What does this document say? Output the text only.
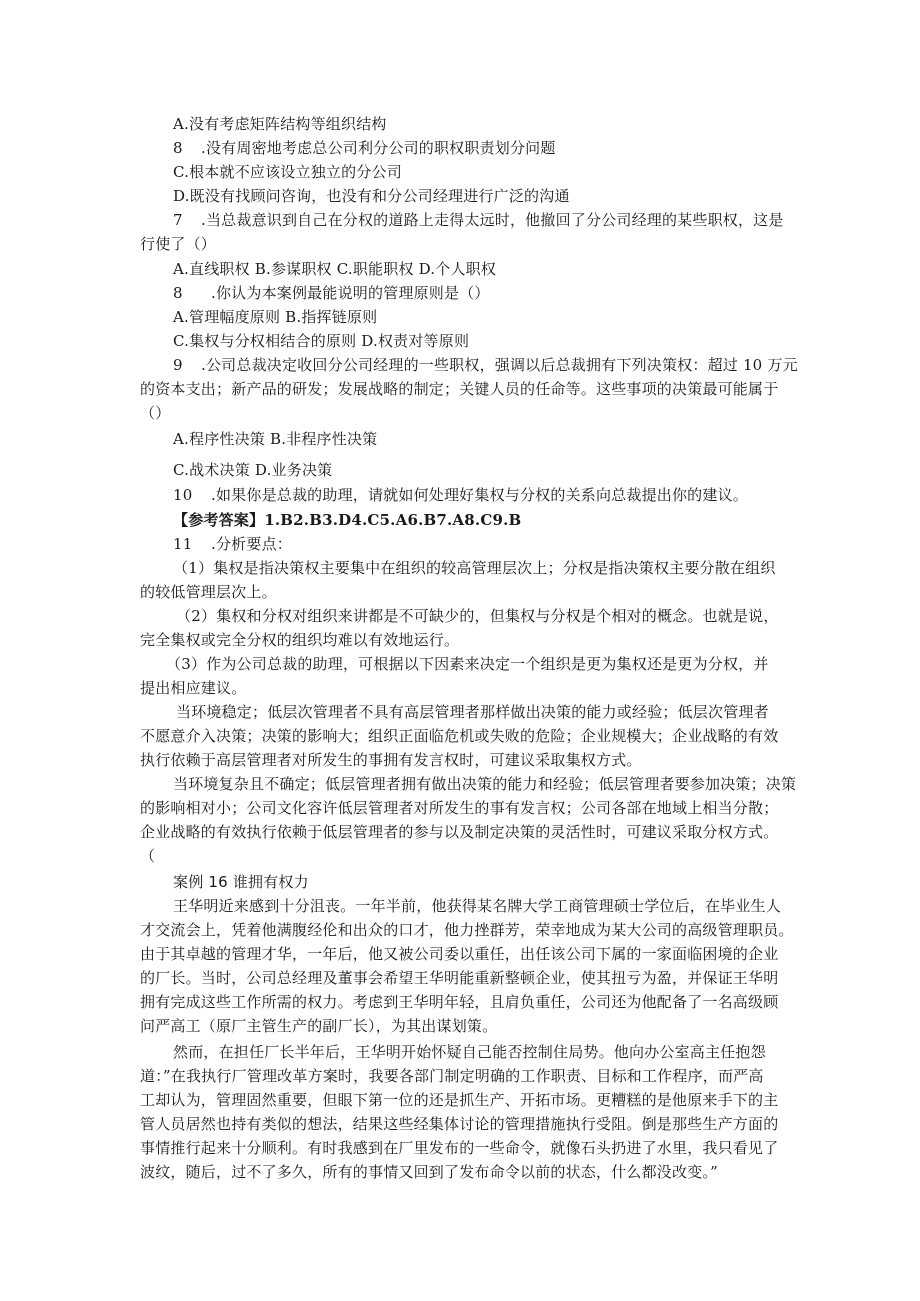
A.没有考虑矩阵结构等组织结构

8 .没有周密地考虑总公司利分公司的职权职责划分问题

C.根本就不应该设立独立的分公司

D.既没有找顾问咨询，也没有和分公司经理进行广泛的沟通

7 .当总裁意识到自己在分权的道路上走得太远时，他撤回了分公司经理的某些职权，这是

行使了（）

A.直线职权 B.参谋职权 C.职能职权 D.个人职权

8 .你认为本案例最能说明的管理原则是（）

A.管理幅度原则 B.指挥链原则

C.集权与分权相结合的原则 D.权责对等原则

9 .公司总裁决定收回分公司经理的一些职权，强调以后总裁拥有下列决策权：超过 10 万元

的资本支出；新产品的研发；发展战略的制定；关键人员的任命等。这些事项的决策最可能属于

（）

A.程序性决策 B.非程序性决策

C.战术决策 D.业务决策

10 .如果你是总裁的助理，请就如何处理好集权与分权的关系向总裁提出你的建议。

【参考答案】1.B2.B3.D4.C5.A6.B7.A8.C9.B

11 .分析要点：

（1）集权是指决策权主要集中在组织的较高管理层次上；分权是指决策权主要分散在组织

的较低管理层次上。

（2）集权和分权对组织来讲都是不可缺少的，但集权与分权是个相对的概念。也就是说，

完全集权或完全分权的组织均难以有效地运行。

（3）作为公司总裁的助理，可根据以下因素来决定一个组织是更为集权还是更为分权，并

提出相应建议。

当环境稳定；低层次管理者不具有高层管理者那样做出决策的能力或经验；低层次管理者

不愿意介入决策；决策的影响大；组织正面临危机或失败的危险；企业规模大；企业战略的有效

执行依赖于高层管理者对所发生的事拥有发言权时，可建议采取集权方式。

当环境复杂且不确定；低层管理者拥有做出决策的能力和经验；低层管理者要参加决策；决策

的影响相对小；公司文化容许低层管理者对所发生的事有发言权；公司各部在地域上相当分散；

企业战略的有效执行依赖于低层管理者的参与以及制定决策的灵活性时，可建议采取分权方式。

（

案例 16 谁拥有权力

王华明近来感到十分沮丧。一年半前，他获得某名牌大学工商管理硕士学位后，在毕业生人

才交流会上，凭着他满腹经伦和出众的口才，他力挫群芳，荣幸地成为某大公司的高级管理职员。

由于其卓越的管理才华，一年后，他又被公司委以重任，出任该公司下属的一家面临困境的企业

的厂长。当时，公司总经理及董事会希望王华明能重新整顿企业，使其扭亏为盈，并保证王华明

拥有完成这些工作所需的权力。考虑到王华明年轻，且肩负重任，公司还为他配备了一名高级顾

问严高工（原厂主管生产的副厂长），为其出谋划策。

然而，在担任厂长半年后，王华明开始怀疑自己能否控制住局势。他向办公室高主任抱怨

道：”在我执行厂管理改革方案时，我要各部门制定明确的工作职责、目标和工作程序，而严高

工却认为，管理固然重要，但眼下第一位的还是抓生产、开拓市场。更糟糕的是他原来手下的主

管人员居然也持有类似的想法，结果这些经集体讨论的管理措施执行受阻。倒是那些生产方面的

事情推行起来十分顺利。有时我感到在厂里发布的一些命令，就像石头扔进了水里，我只看见了

波纹，随后，过不了多久，所有的事情又回到了发布命令以前的状态，什么都没改变。”
